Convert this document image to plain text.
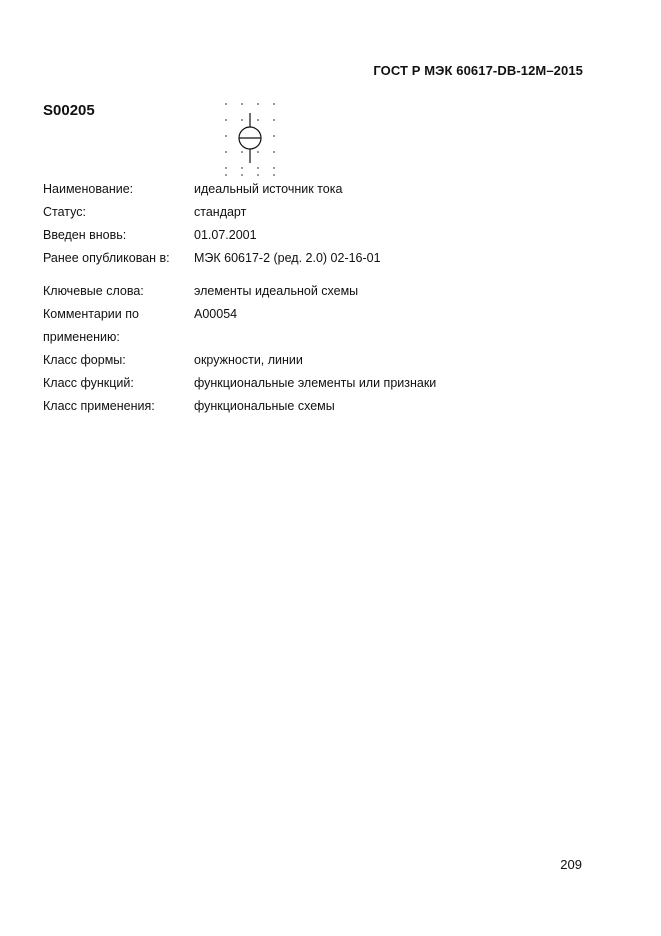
ГОСТ Р МЭК 60617-DB-12M–2015
S00205
Наименование:	идеальный источник тока
Статус:	стандарт
Введен вновь:	01.07.2001
Ранее опубликован в:	МЭК 60617-2 (ред. 2.0) 02-16-01
Ключевые слова:	элементы идеальной схемы
Комментарии по	A00054
применению:
Класс формы:	окружности, линии
Класс функций:	функциональные элементы или признаки
Класс применения:	функциональные схемы
209
